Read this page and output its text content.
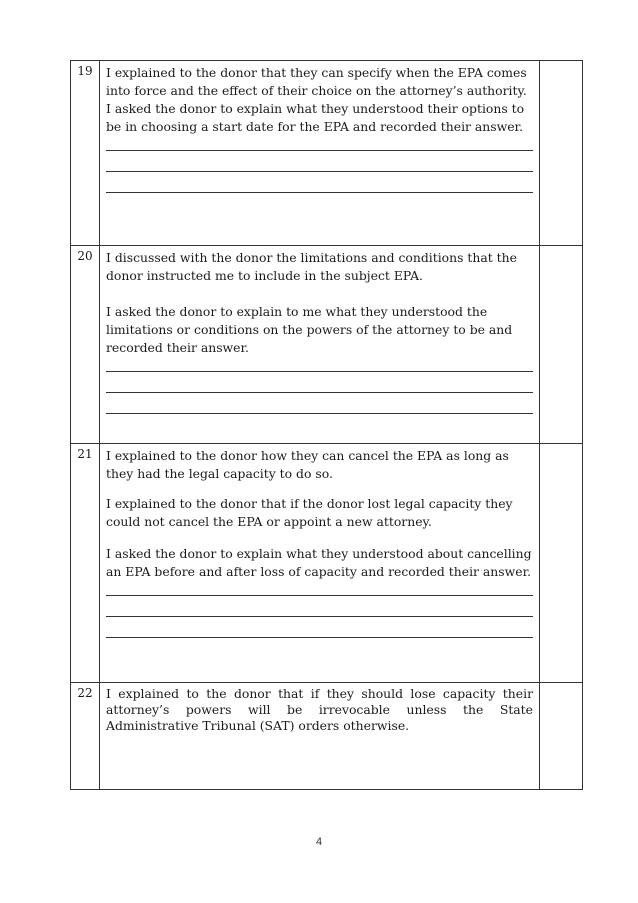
19	I explained to the donor that they can specify when the EPA comes into force and the effect of their choice on the attorney’s authority.

I asked the donor to explain what they understood their options to be in choosing a start date for the EPA and recorded their answer.	

20	I discussed with the donor the limitations and conditions that the donor instructed me to include in the subject EPA.

I asked the donor to explain to me what they understood the limitations or conditions on the powers of the attorney to be and recorded their answer.	

21	I explained to the donor how they can cancel the EPA as long as they had the legal capacity to do so.

I explained to the donor that if the donor lost legal capacity they could not cancel the EPA or appoint a new attorney.

I asked the donor to explain what they understood about cancelling an EPA before and after loss of capacity and recorded their answer.	

22	I explained to the donor that if they should lose capacity their attorney’s powers will be irrevocable unless the State Administrative Tribunal (SAT) orders otherwise.	

4
